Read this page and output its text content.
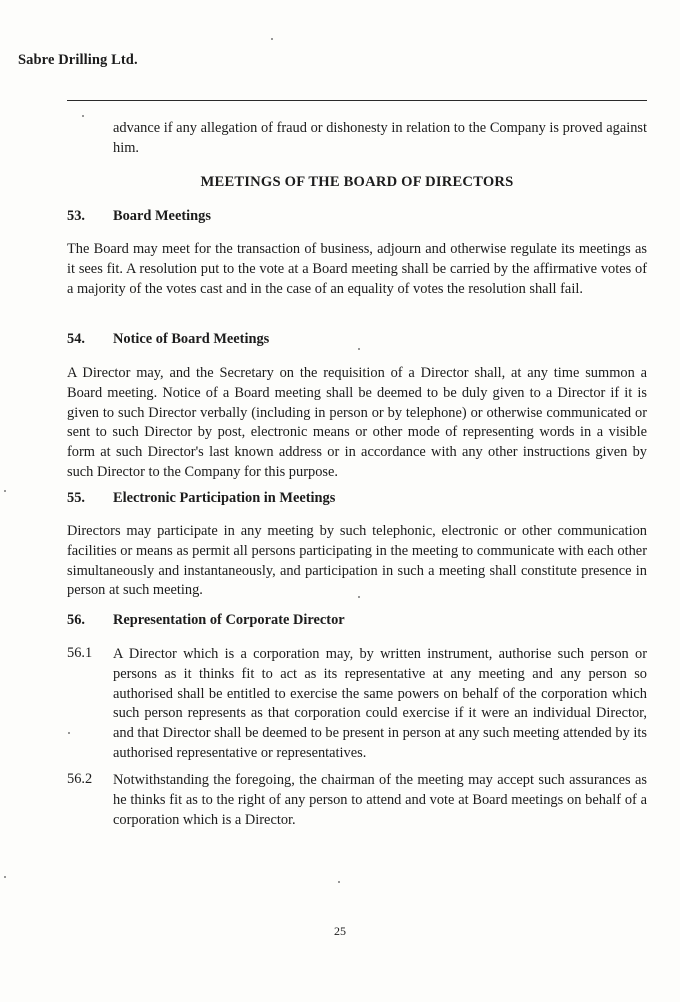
Sabre Drilling Ltd.
advance if any allegation of fraud or dishonesty in relation to the Company is proved against him.
MEETINGS OF THE BOARD OF DIRECTORS
53. Board Meetings
The Board may meet for the transaction of business, adjourn and otherwise regulate its meetings as it sees fit. A resolution put to the vote at a Board meeting shall be carried by the affirmative votes of a majority of the votes cast and in the case of an equality of votes the resolution shall fail.
54. Notice of Board Meetings
A Director may, and the Secretary on the requisition of a Director shall, at any time summon a Board meeting. Notice of a Board meeting shall be deemed to be duly given to a Director if it is given to such Director verbally (including in person or by telephone) or otherwise communicated or sent to such Director by post, electronic means or other mode of representing words in a visible form at such Director's last known address or in accordance with any other instructions given by such Director to the Company for this purpose.
55. Electronic Participation in Meetings
Directors may participate in any meeting by such telephonic, electronic or other communication facilities or means as permit all persons participating in the meeting to communicate with each other simultaneously and instantaneously, and participation in such a meeting shall constitute presence in person at such meeting.
56. Representation of Corporate Director
56.1 A Director which is a corporation may, by written instrument, authorise such person or persons as it thinks fit to act as its representative at any meeting and any person so authorised shall be entitled to exercise the same powers on behalf of the corporation which such person represents as that corporation could exercise if it were an individual Director, and that Director shall be deemed to be present in person at any such meeting attended by its authorised representative or representatives.
56.2 Notwithstanding the foregoing, the chairman of the meeting may accept such assurances as he thinks fit as to the right of any person to attend and vote at Board meetings on behalf of a corporation which is a Director.
25
